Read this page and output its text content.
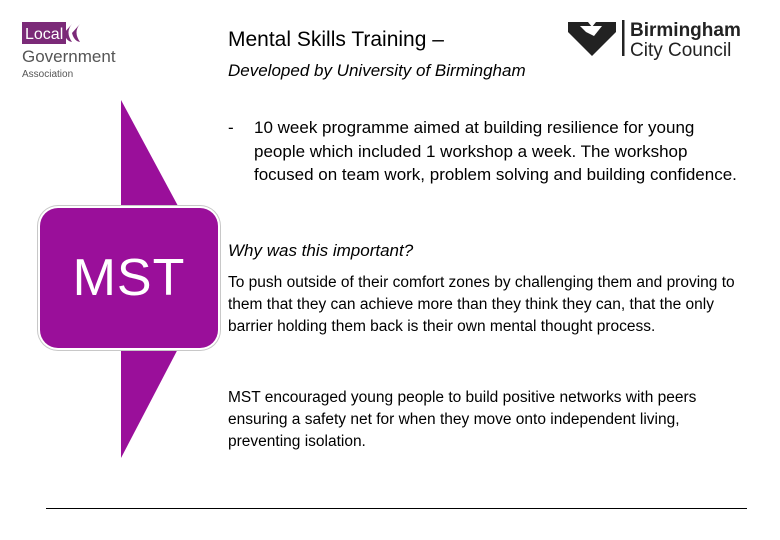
Local
Government
Association
Birmingham
City Council
Mental Skills Training –
Developed by University of Birmingham
MST
- 10 week programme aimed at building resilience for young people which included 1 workshop a week. The workshop focused on team work, problem solving and building confidence.
Why was this important?
To push outside of their comfort zones by challenging them and proving to them that they can achieve more than they think they can, that the only barrier holding them back is their own mental thought process.
MST encouraged young people to build positive networks with peers ensuring a safety net for when they move onto independent living, preventing isolation.
